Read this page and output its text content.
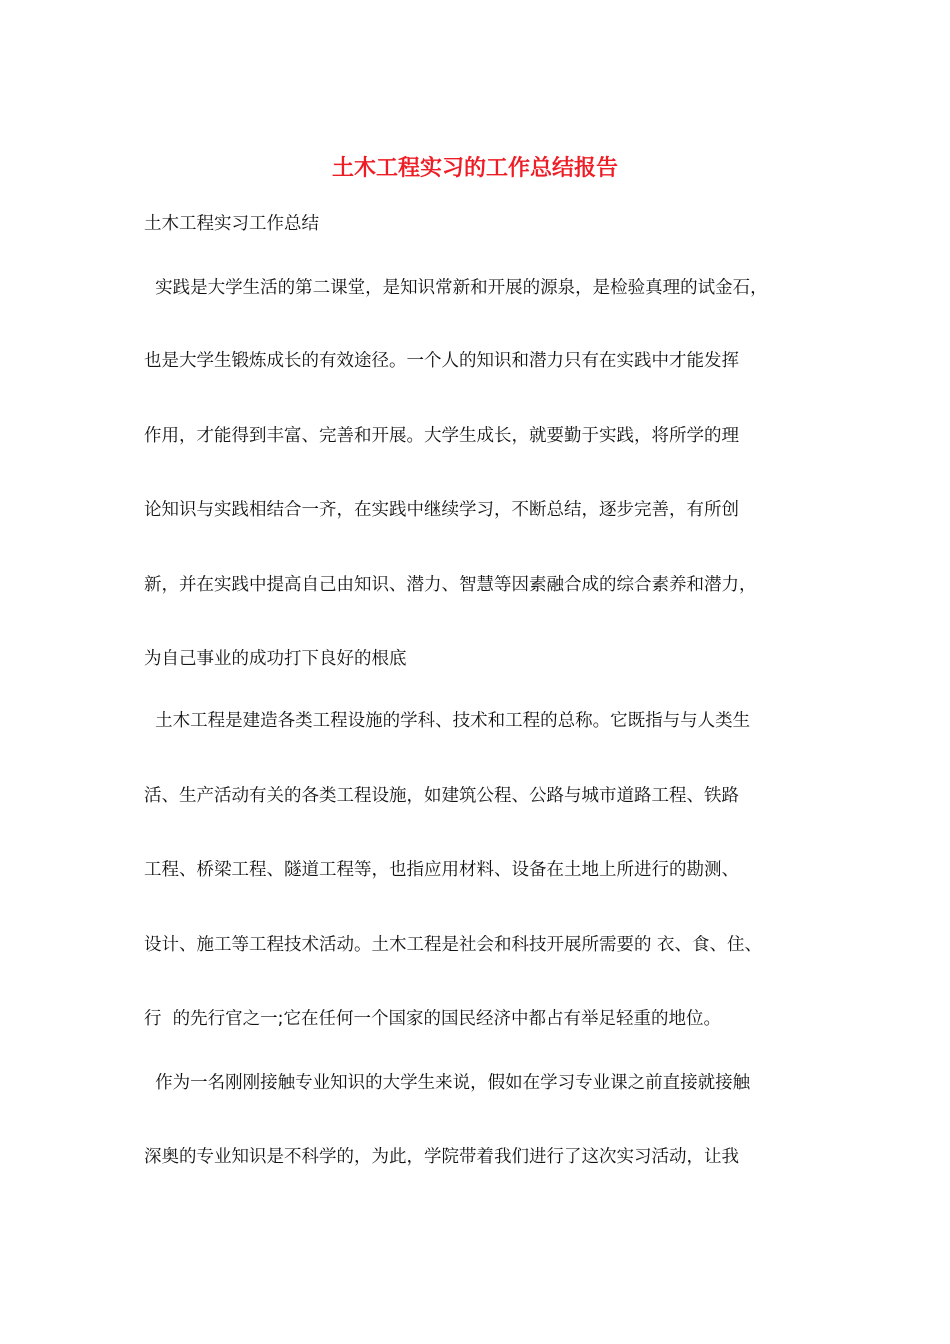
土木工程实习的工作总结报告
土木工程实习工作总结
实践是大学生活的第二课堂，是知识常新和开展的源泉，是检验真理的试金石，
也是大学生锻炼成长的有效途径。一个人的知识和潜力只有在实践中才能发挥
作用，才能得到丰富、完善和开展。大学生成长，就要勤于实践，将所学的理
论知识与实践相结合一齐，在实践中继续学习，不断总结，逐步完善，有所创
新，并在实践中提高自己由知识、潜力、智慧等因素融合成的综合素养和潜力，
为自己事业的成功打下良好的根底
土木工程是建造各类工程设施的学科、技术和工程的总称。它既指与与人类生
活、生产活动有关的各类工程设施，如建筑公程、公路与城市道路工程、铁路
工程、桥梁工程、隧道工程等，也指应用材料、设备在土地上所进行的勘测、
设计、施工等工程技术活动。土木工程是社会和科技开展所需要的 衣、食、住、
行  的先行官之一;它在任何一个国家的国民经济中都占有举足轻重的地位。
作为一名刚刚接触专业知识的大学生来说，假如在学习专业课之前直接就接触
深奥的专业知识是不科学的，为此，学院带着我们进行了这次实习活动，让我
